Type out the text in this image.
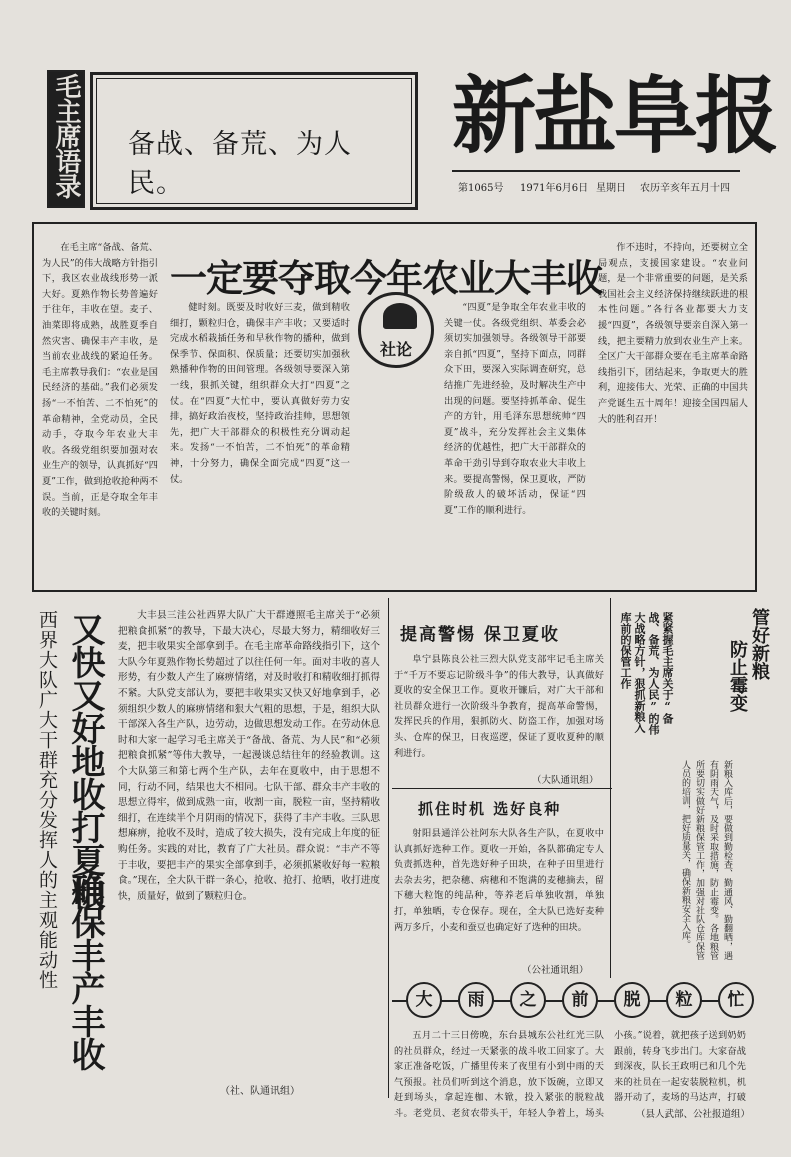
毛主席语录 备战、备荒、为人民。
新盐阜报
第1065号 1971年6月6日 星期日 农历辛亥年五月十四
一定要夺取今年农业大丰收
社论

在毛主席“备战、备荒、为人民”的伟大战略方针指引下，我区农业战线形势一派大好。夏熟作物长势普遍好于往年，丰收在望。麦子、油菜即将成熟，战胜夏季自然灾害、确保丰产丰收，是当前农业战线的紧迫任务。毛主席教导我们：“农业是国民经济的基础。”我们必须发扬“一不怕苦、二不怕死”的革命精神，全党动员，全民动手，夺取今年农业大丰收。各级党组织要加强对农业生产的领导，认真抓好“四夏”工作，做到抢收抢种两不误。当前，正是夺取全年丰收的关键时刻。

健时刻。既要及时收好三麦，做到精收细打，颗粒归仓，确保丰产丰收；又要适时完成水稻栽插任务和早秋作物的播种，做到保季节、保面积、保质量；还要切实加强秋熟播种作物的田间管理。各级领导要深入第一线，狠抓关键，组织群众大打“四夏”之仗。在“四夏”大忙中，要认真做好劳力安排，搞好政治夜校，坚持政治挂帅，思想领先，把广大干部群众的积极性充分调动起来。发扬“一不怕苦，二不怕死”的革命精神，十分努力，确保全面完成“四夏”这一仗。

“四夏”是争取全年农业丰收的关键一仗。各级党组织、革委会必须切实加强领导。各级领导干部要亲自抓“四夏”，坚持下面点，同群众下田，要深入实际调查研究，总结推广先进经验，及时解决生产中出现的问题。要坚持抓革命、促生产的方针，用毛泽东思想统帅“四夏”战斗，充分发挥社会主义集体经济的优越性，把广大干部群众的革命干劲引导到夺取农业大丰收上来。要提高警惕，保卫夏收，严防阶级敌人的破坏活动，保证“四夏”工作的顺利进行。

作不违时，不持向，还要树立全局观点，支援国家建设。“农业问题，是一个非常重要的问题，是关系我国社会主义经济保持继续跃进的根本性问题。”各行各业都要大力支援“四夏”，各级领导要亲自深入第一线，把主要精力放到农业生产上来。全区广大干部群众要在毛主席革命路线指引下，团结起来，争取更大的胜利，迎接伟大、光荣、正确的中国共产党诞生五十周年！迎接全国四届人大的胜利召开！

西界大队广大干群充分发挥人的主观能动性 又快又好地收打夏粮
确保丰产丰收

大丰县三洼公社西界大队广大干群遵照毛主席关于“必须把粮食抓紧”的教导，下最大决心，尽最大努力，精细收好三麦，把丰收果实全部拿到手。在毛主席革命路线指引下，这个大队今年夏熟作物长势超过了以往任何一年。面对丰收的喜人形势，有少数人产生了麻痹情绪，对及时收打和精收细打抓得不紧。大队党支部认为，要把丰收果实又快又好地拿到手，必须组织少数人的麻痹情绪和狠大气粗的思想，于是，组织大队干部深入各生产队，边劳动，边做思想发动工作。在劳动休息时和大家一起学习毛主席关于“备战、备荒、为人民”和“必须把粮食抓紧”等伟大教导，一起漫谈总结往年的经验教训。这个大队第三和第七两个生产队，去年在夏收中，由于思想不同，行动不同，结果也大不相同。七队干部、群众丰产丰收的思想立得牢，做到成熟一亩，收割一亩，脱粒一亩，坚持精收细打，在连续半个月阴雨的情况下，获得了丰产丰收。三队思想麻痹，抢收不及时，造成了较大损失，没有完成上年度的征购任务。实践的对比，教育了广大社员。群众说：“丰产不等于丰收，要把丰产的果实全部拿到手，必须抓紧收好每一粒粮食。”现在，全大队干群一条心，抢收、抢打、抢晒，收打进度快，质量好，做到了颗粒归仓。

（社、队通讯组）
提高警惕 保卫夏收

阜宁县陈良公社三烈大队党支部牢记毛主席关于“千万不要忘记阶级斗争”的伟大教导，认真做好夏收的安全保卫工作。夏收开镰后，对广大干部和社员群众进行一次阶级斗争教育，提高革命警惕，发挥民兵的作用，狠抓防火、防盗工作，加强对场头、仓库的保卫，日夜巡逻，保证了夏收夏种的顺利进行。

（大队通讯组）
抓住时机 选好良种

射阳县通洋公社阿东大队各生产队，在夏收中认真抓好选种工作。夏收一开始，各队都确定专人负责抓选种，首先选好种子田块，在种子田里进行去杂去劣，把杂穗、病穗和不饱满的麦穗摘去，留下穗大粒饱的纯品种，等养老后单独收割，单独打，单独晒，专仓保存。现在，全大队已选好麦种两万多斤，小麦和蚕豆也确定好了选种的田块。

（公社通讯组）
大	雨	之	前	脱	粒	忙

五月二十三日傍晚，东台县城东公社红光三队的社员群众，经过一天紧张的战斗收工回家了。大家正准备吃饭，广播里传来了夜里有小到中雨的天气预报。社员们听到这个消息，放下饭碗，立即又赶到场头，拿起连枷、木锨，投入紧张的脱粒战斗。老党员、老贫农带头干，年轻人争着上，场头

小孩。”说着，就把孩子送到奶奶跟前，转身飞步出门。大家奋战到深夜，队长王政明已和几个先来的社员在一起安装脱粒机，机器开动了，麦场的马达声，打破

（县人武部、公社报道组）
管好新粮
防止霉变
紧紧握毛主席关于“备战、备荒、为人民”的伟大战略方针，狠抓新粮入库前的保管工作

新粮入库后，要做到勤检查、勤通风、勤翻晒，遇有阴雨天气，及时采取措施，防止霉变。各地粮管所要切实做好新粮保管工作，加强对社队仓库保管人员的培训，把好质量关，确保新粮安全入库。
